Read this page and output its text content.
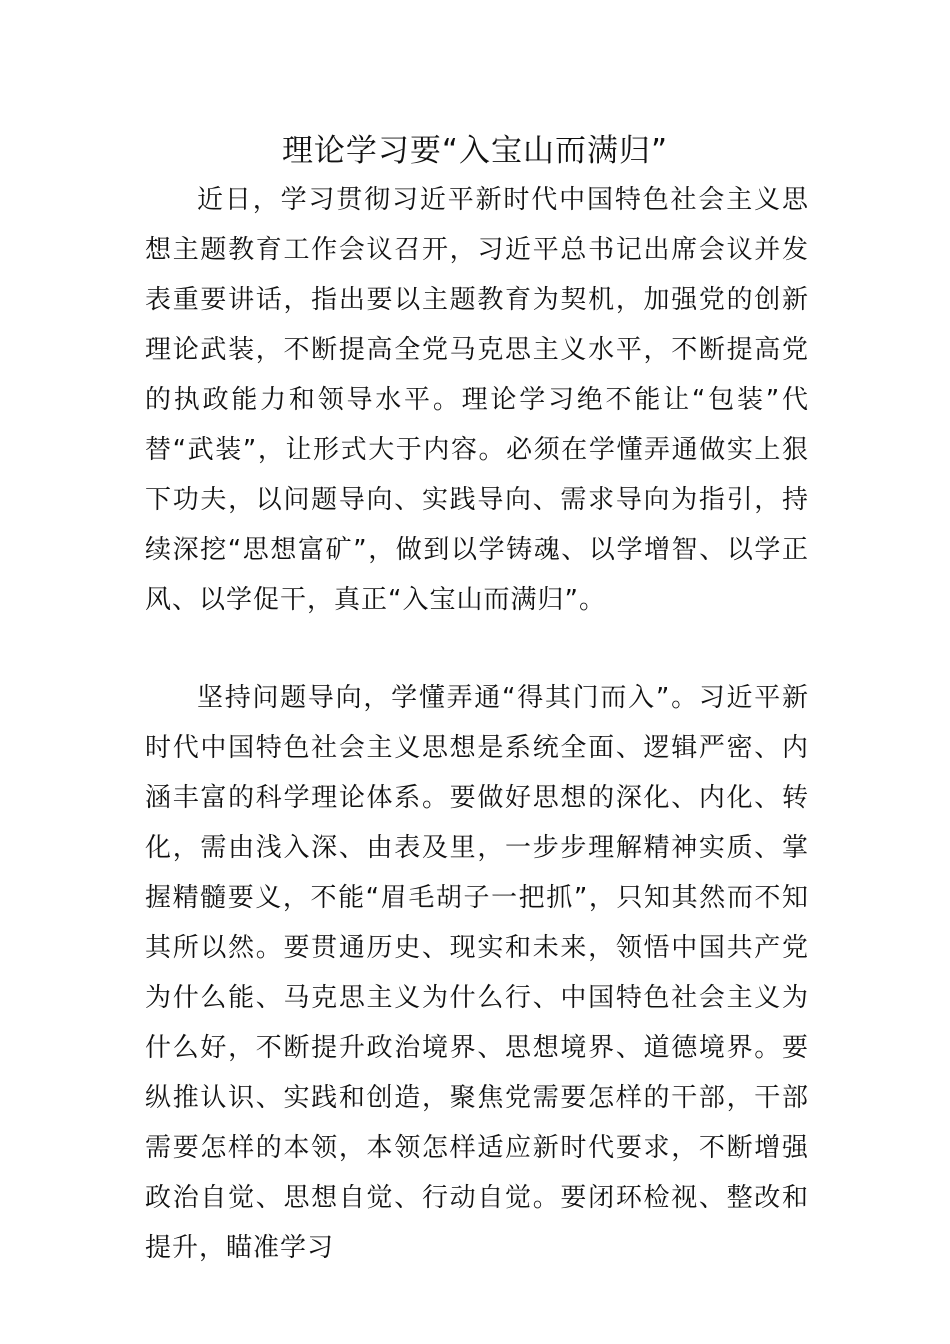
理论学习要“入宝山而满归”

近日，学习贯彻习近平新时代中国特色社会主义思想主题教育工作会议召开，习近平总书记出席会议并发表重要讲话，指出要以主题教育为契机，加强党的创新理论武装，不断提高全党马克思主义水平，不断提高党的执政能力和领导水平。理论学习绝不能让“包装”代替“武装”，让形式大于内容。必须在学懂弄通做实上狠下功夫，以问题导向、实践导向、需求导向为指引，持续深挖“思想富矿”，做到以学铸魂、以学增智、以学正风、以学促干，真正“入宝山而满归”。

坚持问题导向，学懂弄通“得其门而入”。习近平新时代中国特色社会主义思想是系统全面、逻辑严密、内涵丰富的科学理论体系。要做好思想的深化、内化、转化，需由浅入深、由表及里，一步步理解精神实质、掌握精髓要义，不能“眉毛胡子一把抓”，只知其然而不知其所以然。要贯通历史、现实和未来，领悟中国共产党为什么能、马克思主义为什么行、中国特色社会主义为什么好，不断提升政治境界、思想境界、道德境界。要纵推认识、实践和创造，聚焦党需要怎样的干部，干部需要怎样的本领，本领怎样适应新时代要求，不断增强政治自觉、思想自觉、行动自觉。要闭环检视、整改和提升，瞄准学习
